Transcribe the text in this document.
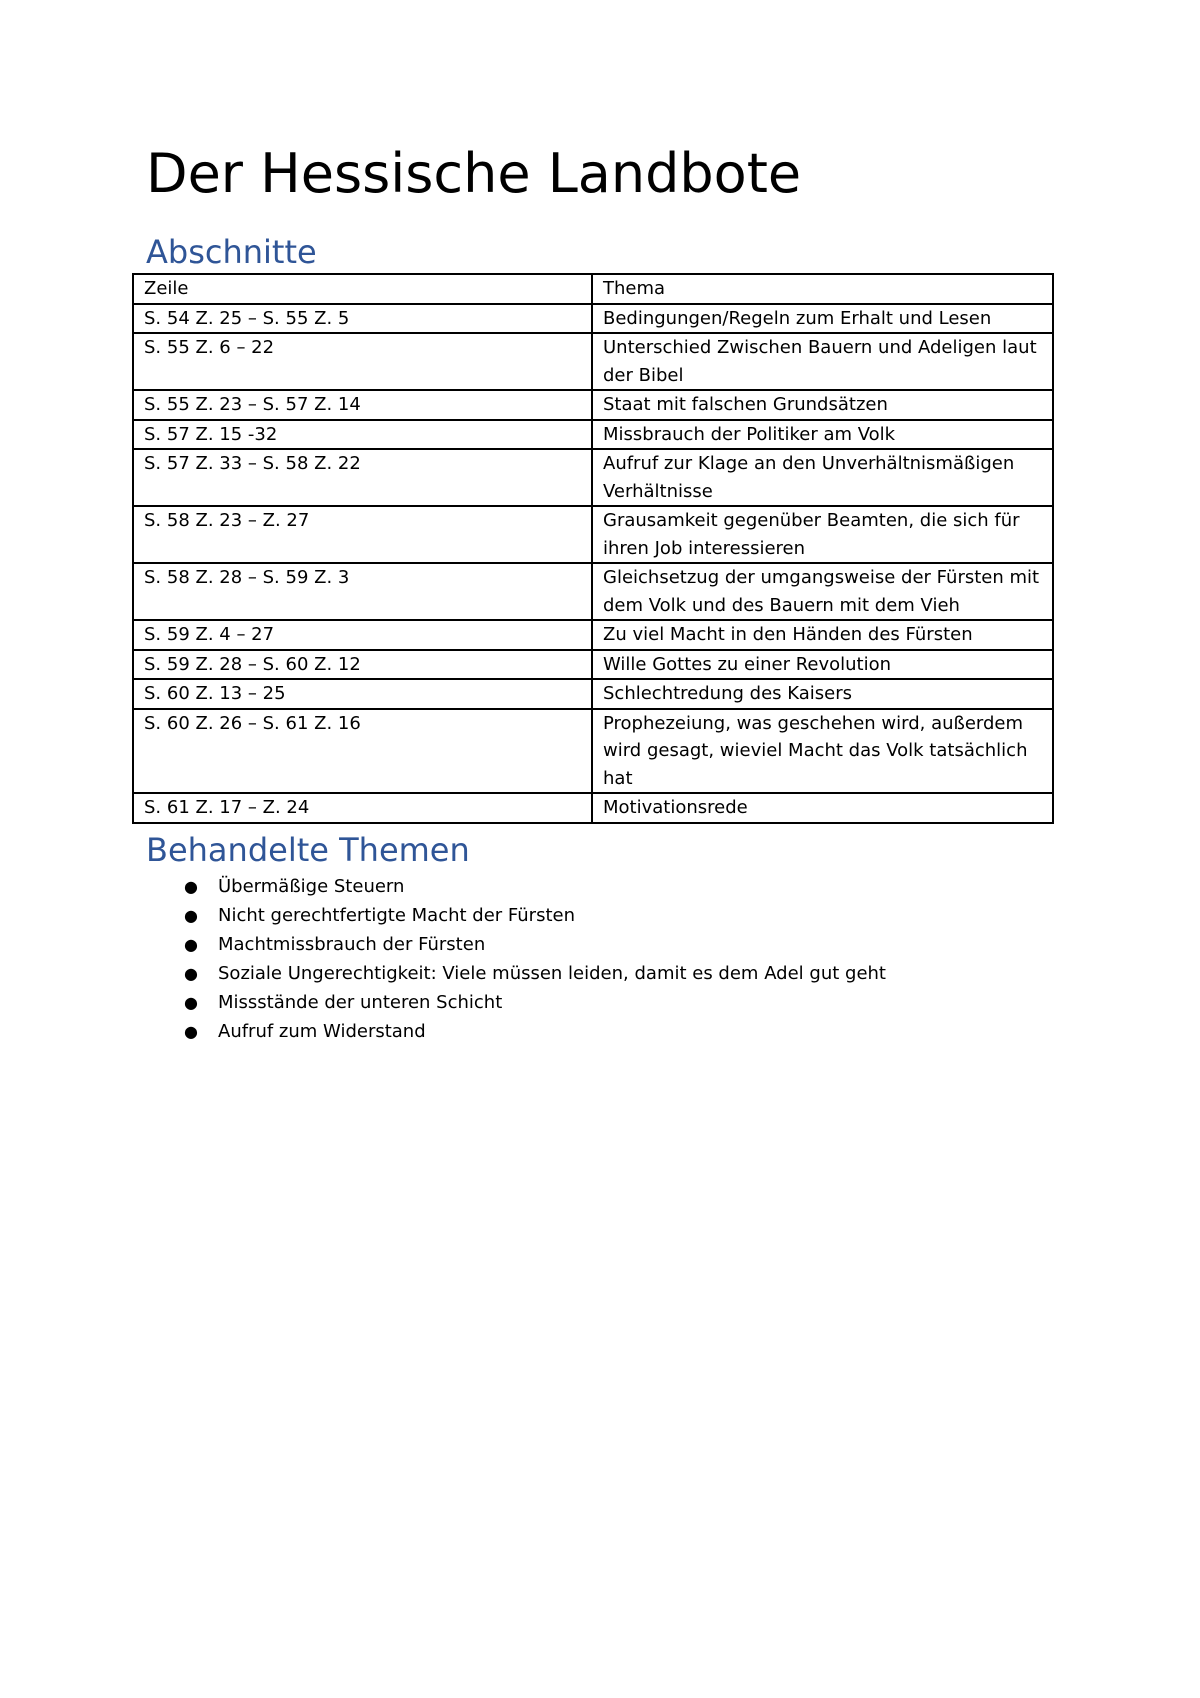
Der Hessische Landbote
Abschnitte
Zeile	Thema
S. 54 Z. 25 – S. 55 Z. 5	Bedingungen/Regeln zum Erhalt und Lesen
S. 55 Z. 6 – 22	Unterschied Zwischen Bauern und Adeligen laut der Bibel
S. 55 Z. 23 – S. 57 Z. 14	Staat mit falschen Grundsätzen
S. 57 Z. 15 -32	Missbrauch der Politiker am Volk
S. 57 Z. 33 – S. 58 Z. 22	Aufruf zur Klage an den Unverhältnismäßigen Verhältnisse
S. 58 Z. 23 – Z. 27	Grausamkeit gegenüber Beamten, die sich für ihren Job interessieren
S. 58 Z. 28 – S. 59 Z. 3	Gleichsetzug der umgangsweise der Fürsten mit dem Volk und des Bauern mit dem Vieh
S. 59 Z. 4 – 27	Zu viel Macht in den Händen des Fürsten
S. 59 Z. 28 – S. 60 Z. 12	Wille Gottes zu einer Revolution
S. 60 Z. 13 – 25	Schlechtredung des Kaisers
S. 60 Z. 26 – S. 61 Z. 16	Prophezeiung, was geschehen wird, außerdem wird gesagt, wieviel Macht das Volk tatsächlich hat
S. 61 Z. 17 – Z. 24	Motivationsrede
Behandelte Themen
● Übermäßige Steuern
● Nicht gerechtfertigte Macht der Fürsten
● Machtmissbrauch der Fürsten
● Soziale Ungerechtigkeit: Viele müssen leiden, damit es dem Adel gut geht
● Missstände der unteren Schicht
● Aufruf zum Widerstand
